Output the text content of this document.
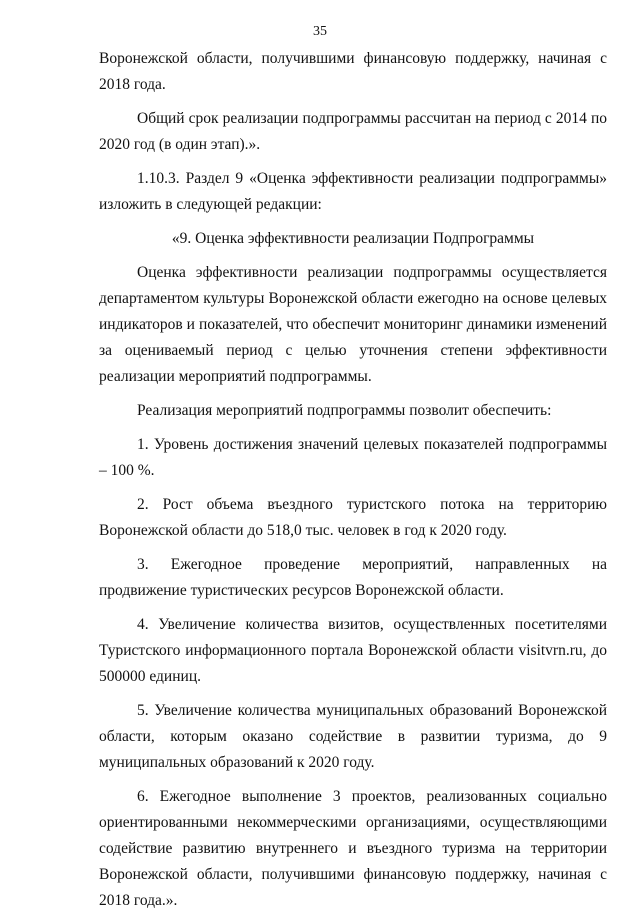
35

Воронежской области, получившими финансовую поддержку, начиная с 2018 года.

Общий срок реализации подпрограммы рассчитан на период с 2014 по 2020 год (в один этап).».

1.10.3. Раздел 9 «Оценка эффективности реализации подпрограммы» изложить в следующей редакции:

«9. Оценка эффективности реализации Подпрограммы

Оценка эффективности реализации подпрограммы осуществляется департаментом культуры Воронежской области ежегодно на основе целевых индикаторов и показателей, что обеспечит мониторинг динамики изменений за оцениваемый период с целью уточнения степени эффективности реализации мероприятий подпрограммы.

Реализация мероприятий подпрограммы позволит обеспечить:

1. Уровень достижения значений целевых показателей подпрограммы – 100 %.

2. Рост объема въездного туристского потока на территорию Воронежской области до 518,0 тыс. человек в год к 2020 году.

3. Ежегодное проведение мероприятий, направленных на продвижение туристических ресурсов Воронежской области.

4. Увеличение количества визитов, осуществленных посетителями Туристского информационного портала Воронежской области visitvrn.ru, до 500000 единиц.

5. Увеличение количества муниципальных образований Воронежской области, которым оказано содействие в развитии туризма, до 9 муниципальных образований к 2020 году.

6. Ежегодное выполнение 3 проектов, реализованных социально ориентированными некоммерческими организациями, осуществляющими содействие развитию внутреннего и въездного туризма на территории Воронежской области, получившими финансовую поддержку, начиная с 2018 года.».
